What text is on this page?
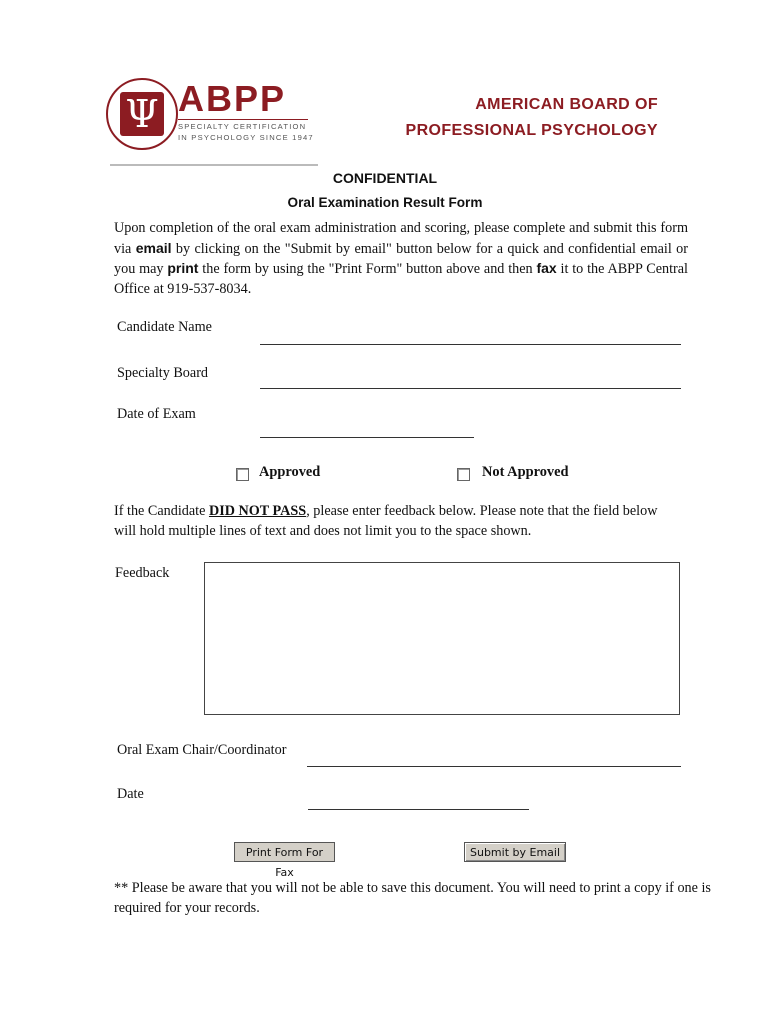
Ψ ABPP
SPECIALTY CERTIFICATION
IN PSYCHOLOGY SINCE 1947
AMERICAN BOARD OF
PROFESSIONAL PSYCHOLOGY
CONFIDENTIAL
Oral Examination Result Form
Upon completion of the oral exam administration and scoring, please complete and submit this form via email by clicking on the "Submit by email" button below for a quick and confidential email or you may print the form by using the "Print Form" button above and then fax it to the ABPP Central Office at 919-537-8034.
Candidate Name
Specialty Board
Date of Exam
Approved	Not Approved
If the Candidate DID NOT PASS, please enter feedback below. Please note that the field below will hold multiple lines of text and does not limit you to the space shown.
Feedback
Oral Exam Chair/Coordinator
Date
Print Form For Fax
Submit by Email
** Please be aware that you will not be able to save this document. You will need to print a copy if one is required for your records.
